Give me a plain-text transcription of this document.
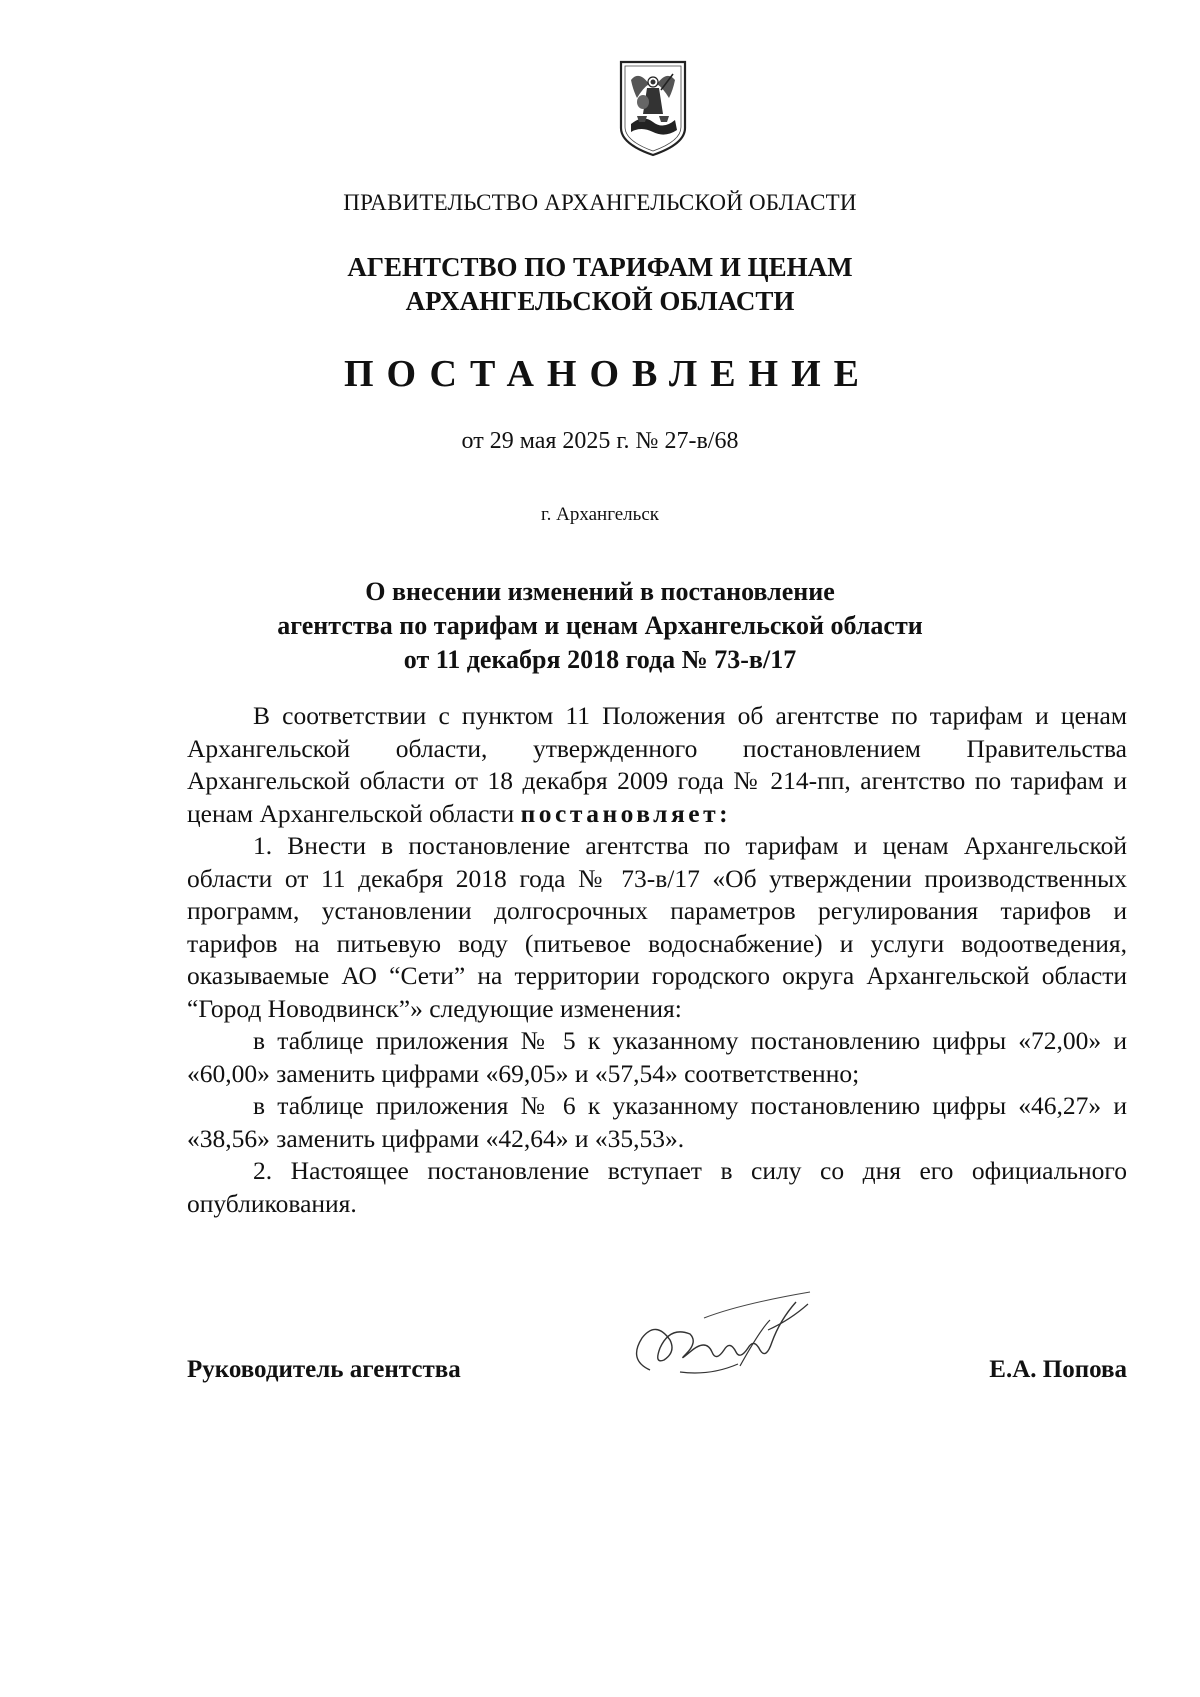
ПРАВИТЕЛЬСТВО АРХАНГЕЛЬСКОЙ ОБЛАСТИ
АГЕНТСТВО ПО ТАРИФАМ И ЦЕНАМ
АРХАНГЕЛЬСКОЙ ОБЛАСТИ
ПОСТАНОВЛЕНИЕ
от 29 мая 2025 г. № 27-в/68
г. Архангельск
О внесении изменений в постановление
агентства по тарифам и ценам Архангельской области
от 11 декабря 2018 года № 73-в/17

В соответствии с пунктом 11 Положения об агентстве по тарифам и ценам Архангельской области, утвержденного постановлением Правительства Архангельской области от 18 декабря 2009 года № 214-пп, агентство по тарифам и ценам Архангельской области постановляет:

1. Внести в постановление агентства по тарифам и ценам Архангельской области от 11 декабря 2018 года № 73-в/17 «Об утверждении производственных программ, установлении долгосрочных параметров регулирования тарифов и тарифов на питьевую воду (питьевое водоснабжение) и услуги водоотведения, оказываемые АО “Сети” на территории городского округа Архангельской области “Город Новодвинск”» следующие изменения:

в таблице приложения № 5 к указанному постановлению цифры «72,00» и «60,00» заменить цифрами «69,05» и «57,54» соответственно;

в таблице приложения № 6 к указанному постановлению цифры «46,27» и «38,56» заменить цифрами «42,64» и «35,53».

2. Настоящее постановление вступает в силу со дня его официального опубликования.

Руководитель агентства	Е.А. Попова
